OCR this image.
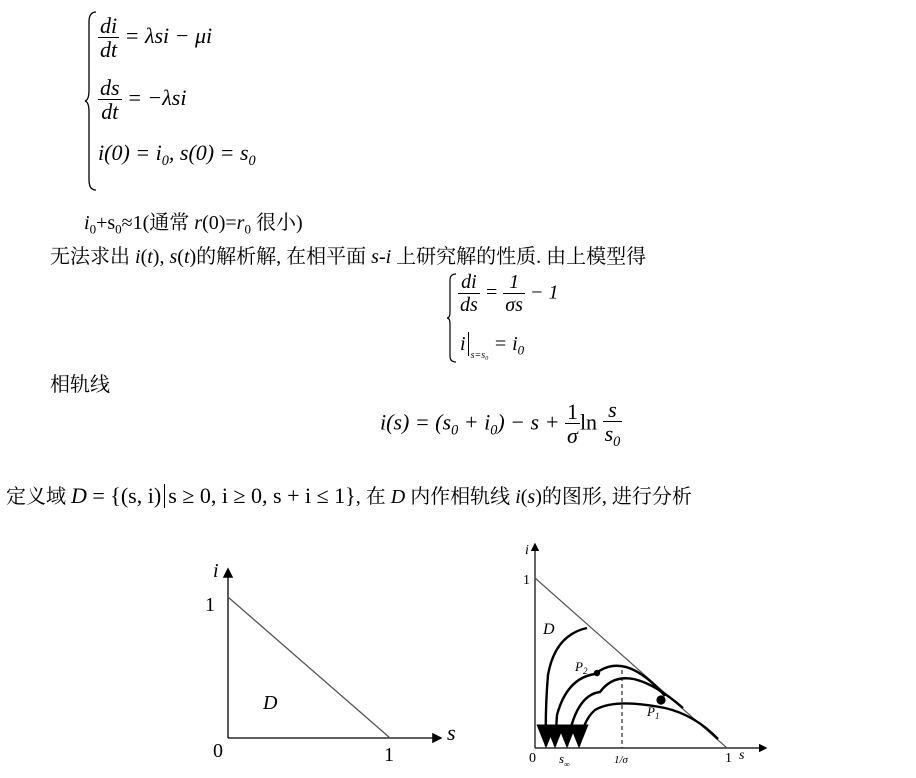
$\frac{di}{dt} = \lambda si - \mu i$
$\frac{ds}{dt} = -\lambda si$
$i(0) = i_0$, $s(0) = s_0$
$i_0+s_0\approx 1$(通常 $r(0)=r_0$ 很小)
无法求出 i(t), s(t)的解析解, 在相平面 s-i 上研究解的性质. 由上模型得
$\frac{di}{ds} = \frac{1}{\sigma s} - 1$
$i_{s=s_0} = i_0$
相轨线
$i(s) = (s_0 + i_0) - s + \frac{1}{\sigma}$ $\ln \frac{s}{s_0}$
定义域 D = {(s, i) s ≥ 0, i ≥ 0, s + i ≤ 1}, 在 D 内作相轨线 i(s)的图形, 进行分析
i
s
1
1
0
D
i
s
1
1
0
D
$s_\infty$	1/σ
$P_1$
$P_2$
